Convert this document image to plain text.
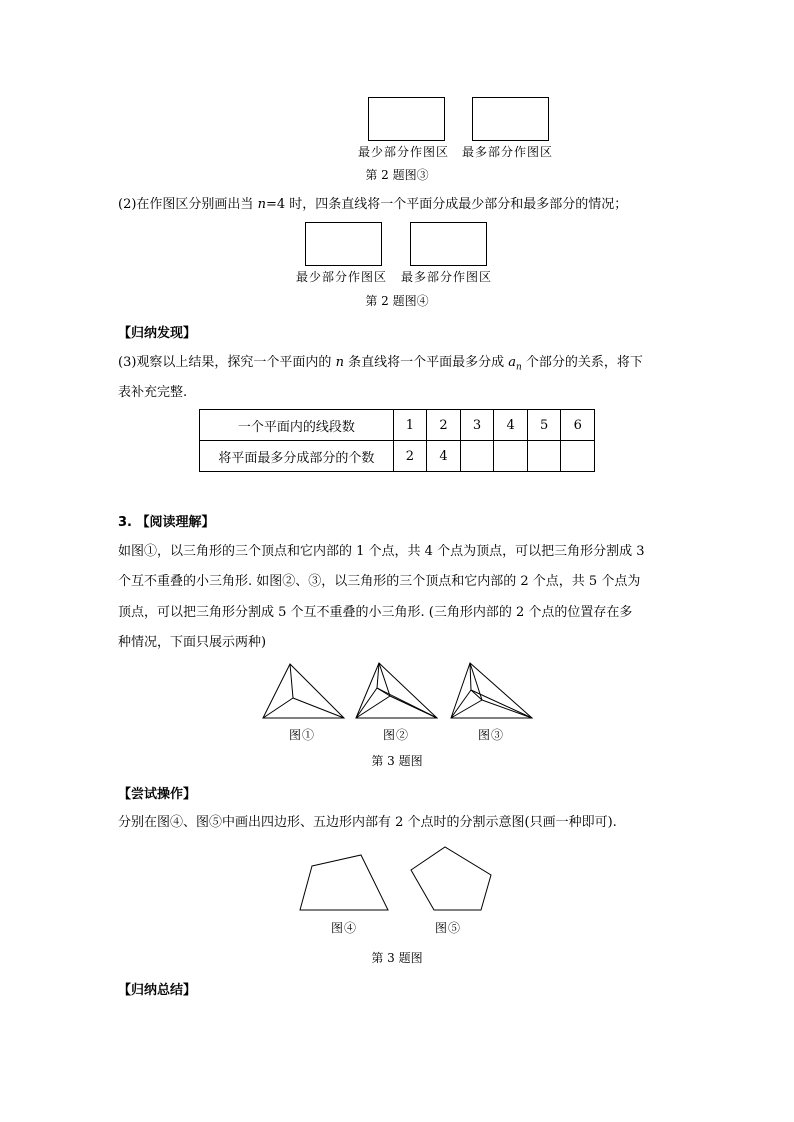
最少部分作图区 最多部分作图区
第 2 题图③
(2)在作图区分别画出当 n=4 时，四条直线将一个平面分成最少部分和最多部分的情况；
最少部分作图区 最多部分作图区
第 2 题图④
【归纳发现】
(3)观察以上结果，探究一个平面内的 n 条直线将一个平面最多分成 $a_n$ 个部分的关系，将下
表补充完整.
一个平面内的线段数	1	2	3	4	5	6
将平面最多分成部分的个数	2	4				
3. 【阅读理解】
如图①，以三角形的三个顶点和它内部的 1 个点，共 4 个点为顶点，可以把三角形分割成 3
个互不重叠的小三角形. 如图②、③，以三角形的三个顶点和它内部的 2 个点，共 5 个点为
顶点，可以把三角形分割成 5 个互不重叠的小三角形. (三角形内部的 2 个点的位置存在多
种情况，下面只展示两种)
图①	图②	图③
第 3 题图
【尝试操作】
分别在图④、图⑤中画出四边形、五边形内部有 2 个点时的分割示意图(只画一种即可).
图④	图⑤
第 3 题图
【归纳总结】
